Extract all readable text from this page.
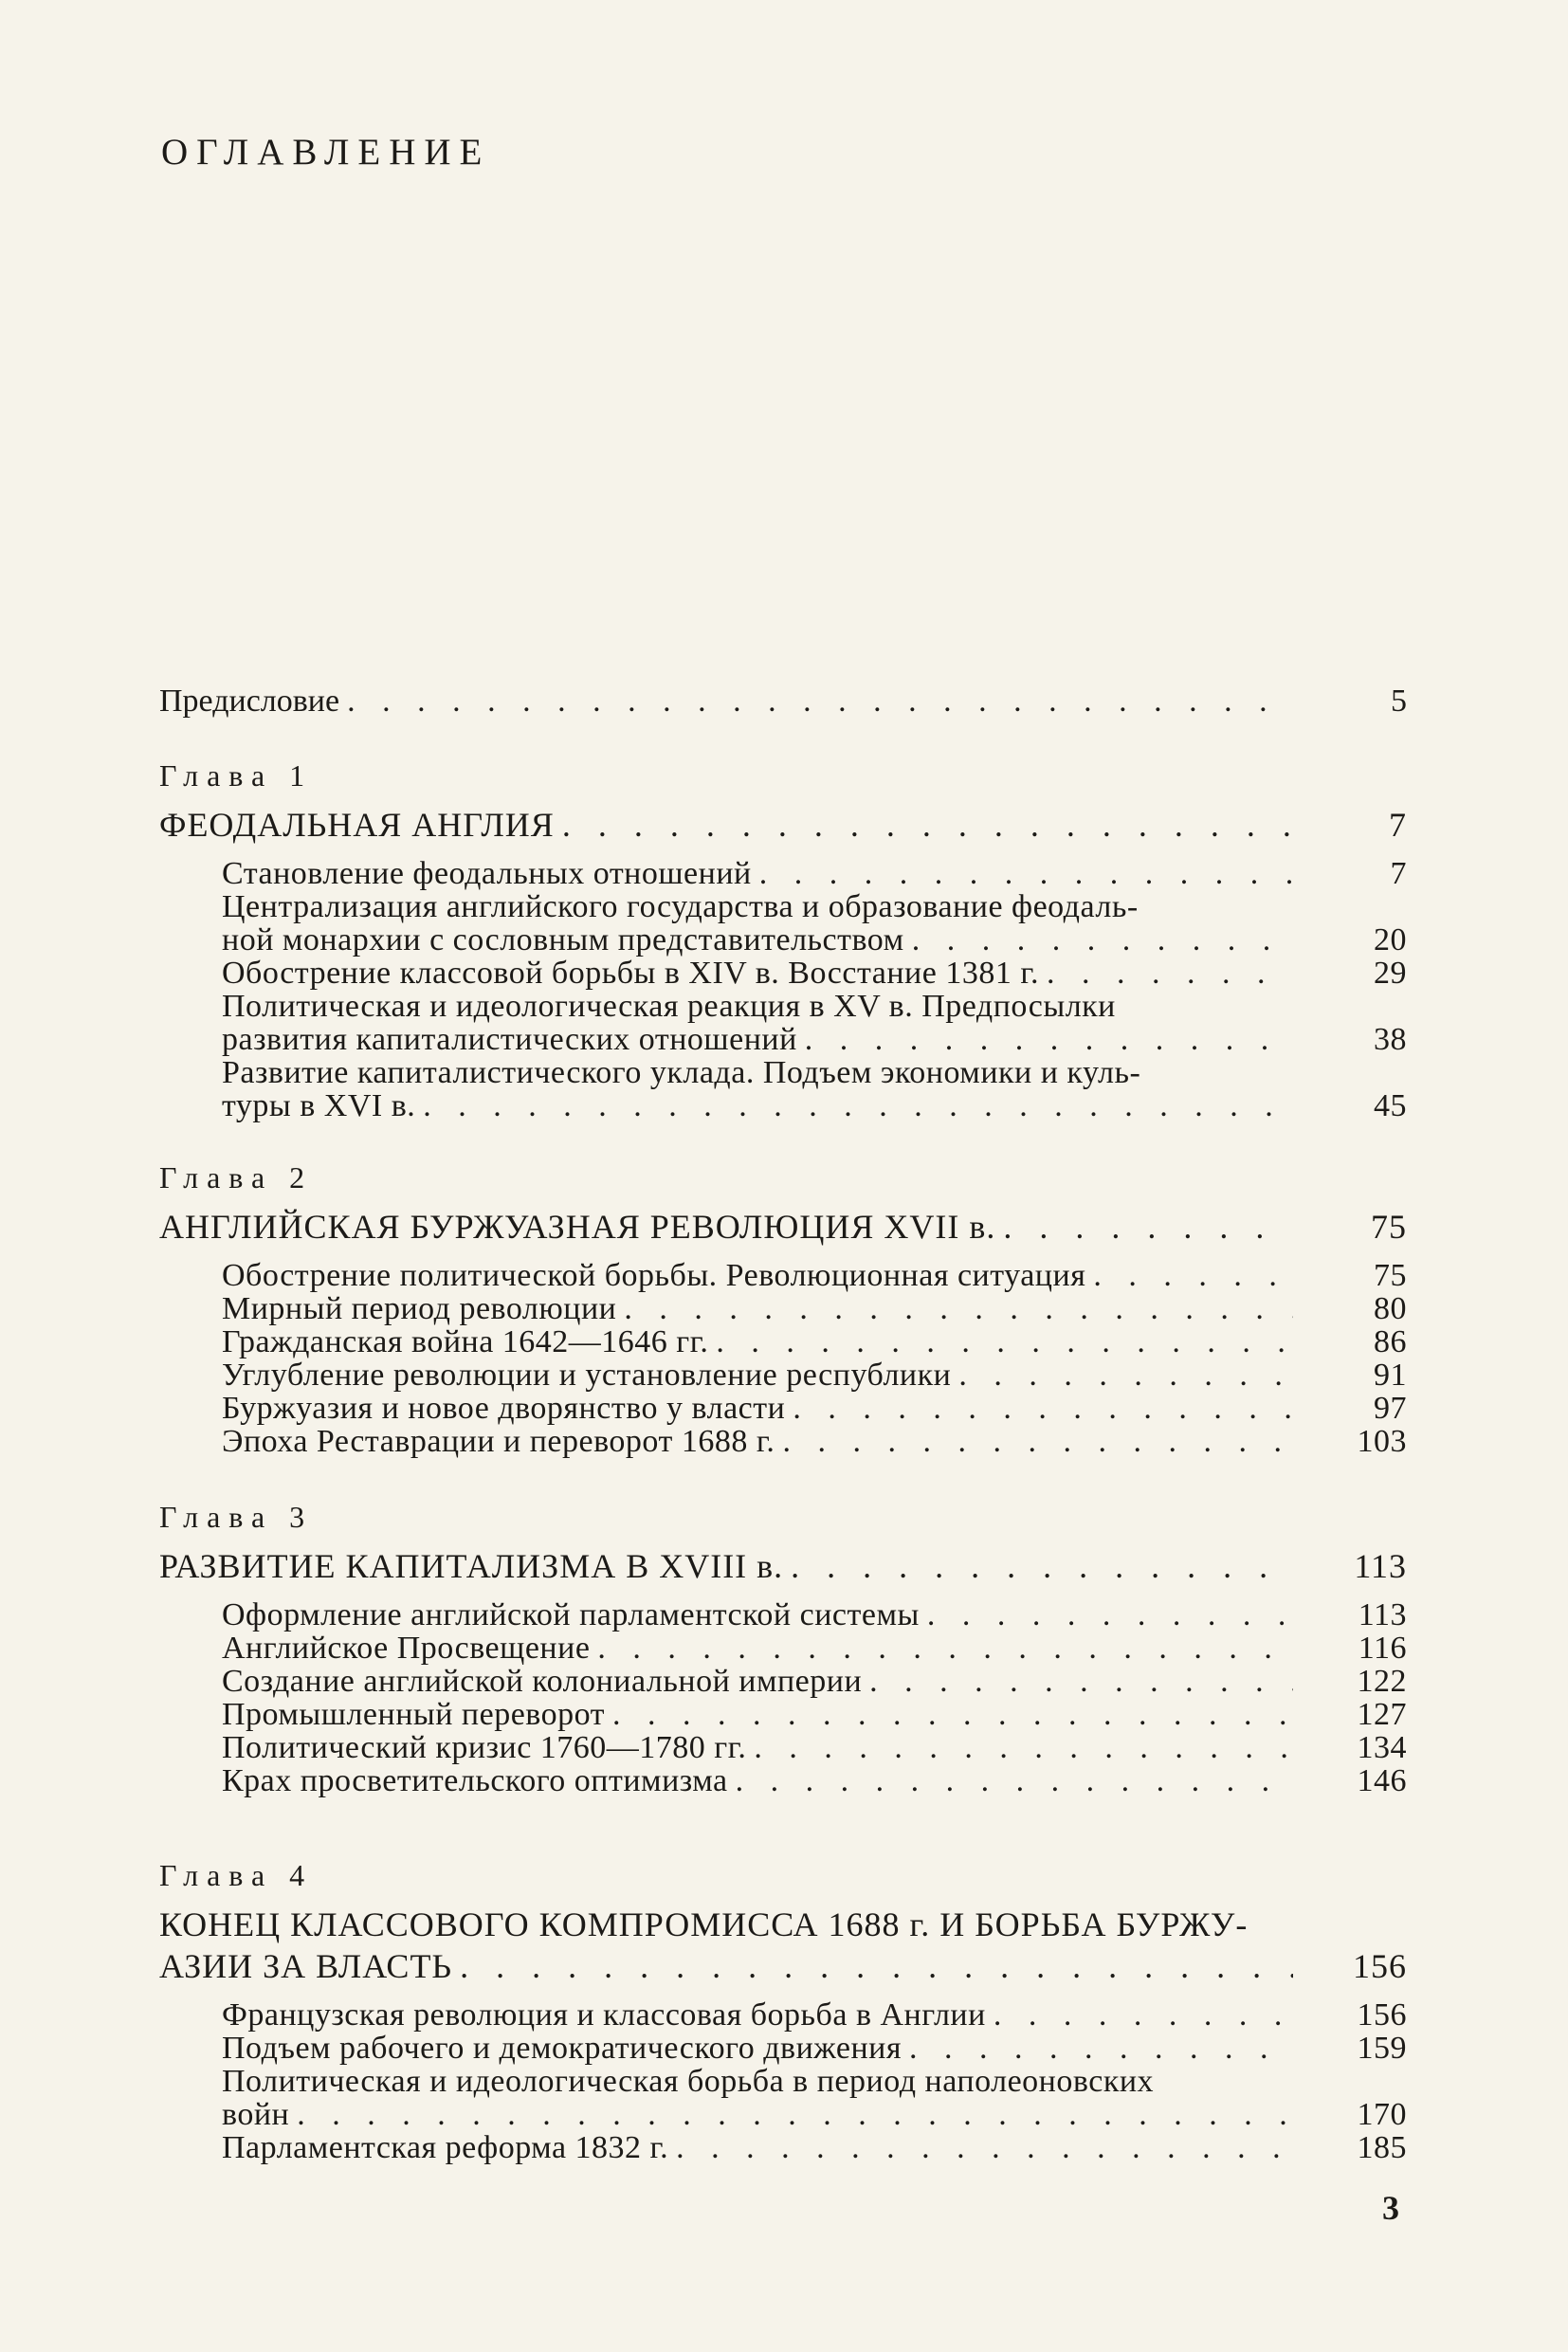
ОГЛАВЛЕНИЕ
Предисловие . . .	5
Глава 1
ФЕОДАЛЬНАЯ АНГЛИЯ . . .	7
Становление феодальных отношений . . .	7
Централизация английского государства и образование феодаль-
ной монархии с сословным представительством . . .	20
Обострение классовой борьбы в XIV в. Восстание 1381 г. . . .	29
Политическая и идеологическая реакция в XV в. Предпосылки
развития капиталистических отношений . . .	38
Развитие капиталистического уклада. Подъем экономики и куль-
туры в XVI в. . . .	45
Глава 2
АНГЛИЙСКАЯ БУРЖУАЗНАЯ РЕВОЛЮЦИЯ XVII в. . . .	75
Обострение политической борьбы. Революционная ситуация . . .	75
Мирный период революции . . .	80
Гражданская война 1642—1646 гг. . . .	86
Углубление революции и установление республики . . .	91
Буржуазия и новое дворянство у власти . . .	97
Эпоха Реставрации и переворот 1688 г. . . .	103
Глава 3
РАЗВИТИЕ КАПИТАЛИЗМА В XVIII в. . . .	113
Оформление английской парламентской системы . . .	113
Английское Просвещение . . .	116
Создание английской колониальной империи . . .	122
Промышленный переворот . . .	127
Политический кризис 1760—1780 гг. . . .	134
Крах просветительского оптимизма . . .	146
Глава 4
КОНЕЦ КЛАССОВОГО КОМПРОМИССА 1688 г. И БОРЬБА БУРЖУ-
АЗИИ ЗА ВЛАСТЬ . . .	156
Французская революция и классовая борьба в Англии . . .	156
Подъем рабочего и демократического движения . . .	159
Политическая и идеологическая борьба в период наполеоновских
войн . . .	170
Парламентская реформа 1832 г. . . .	185
3
